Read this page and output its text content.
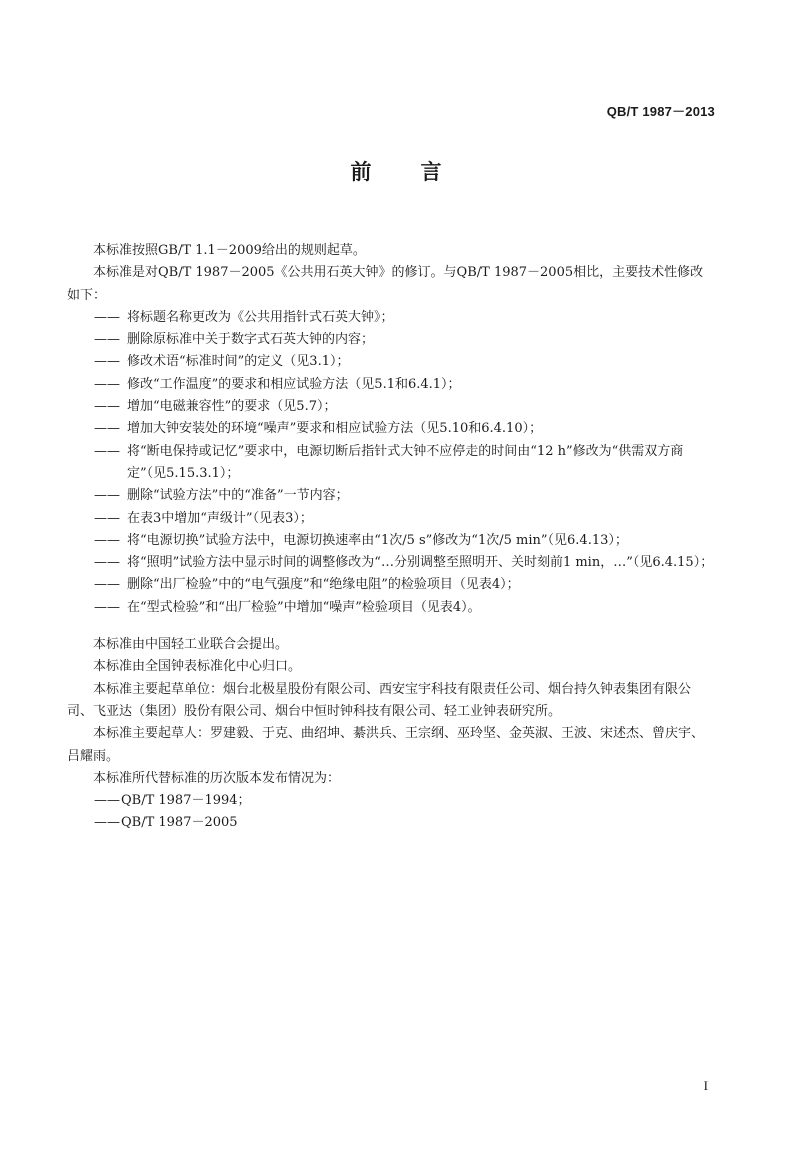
QB/T 1987－2013
前　言

本标准按照GB/T 1.1－2009给出的规则起草。

本标准是对QB/T 1987－2005《公共用石英大钟》的修订。与QB/T 1987－2005相比，主要技术性修改如下：

—— 将标题名称更改为《公共用指针式石英大钟》；

—— 删除原标准中关于数字式石英大钟的内容；

—— 修改术语“标准时间”的定义（见3.1）；

—— 修改“工作温度”的要求和相应试验方法（见5.1和6.4.1）；

—— 增加“电磁兼容性”的要求（见5.7）；

—— 增加大钟安装处的环境“噪声”要求和相应试验方法（见5.10和6.4.10）；

—— 将“断电保持或记忆”要求中，电源切断后指针式大钟不应停走的时间由“12 h”修改为“供需双方商定”（见5.15.3.1）；

—— 删除“试验方法”中的“准备”一节内容；

—— 在表3中增加“声级计”（见表3）；

—— 将“电源切换”试验方法中，电源切换速率由“1次/5 s”修改为“1次/5 min”（见6.4.13）；

—— 将“照明”试验方法中显示时间的调整修改为“…分别调整至照明开、关时刻前1 min，…”（见6.4.15）；

—— 删除“出厂检验”中的“电气强度”和“绝缘电阻”的检验项目（见表4）；

—— 在“型式检验”和“出厂检验”中增加“噪声”检验项目（见表4）。

本标准由中国轻工业联合会提出。

本标准由全国钟表标准化中心归口。

本标准主要起草单位：烟台北极星股份有限公司、西安宝宇科技有限责任公司、烟台持久钟表集团有限公司、飞亚达（集团）股份有限公司、烟台中恒时钟科技有限公司、轻工业钟表研究所。

本标准主要起草人：罗建毅、于克、曲绍坤、綦洪兵、王宗纲、巫玲坚、金英淑、王波、宋述杰、曾庆宇、吕耀雨。

本标准所代替标准的历次版本发布情况为：

—— QB/T 1987－1994；

—— QB/T 1987－2005

I
